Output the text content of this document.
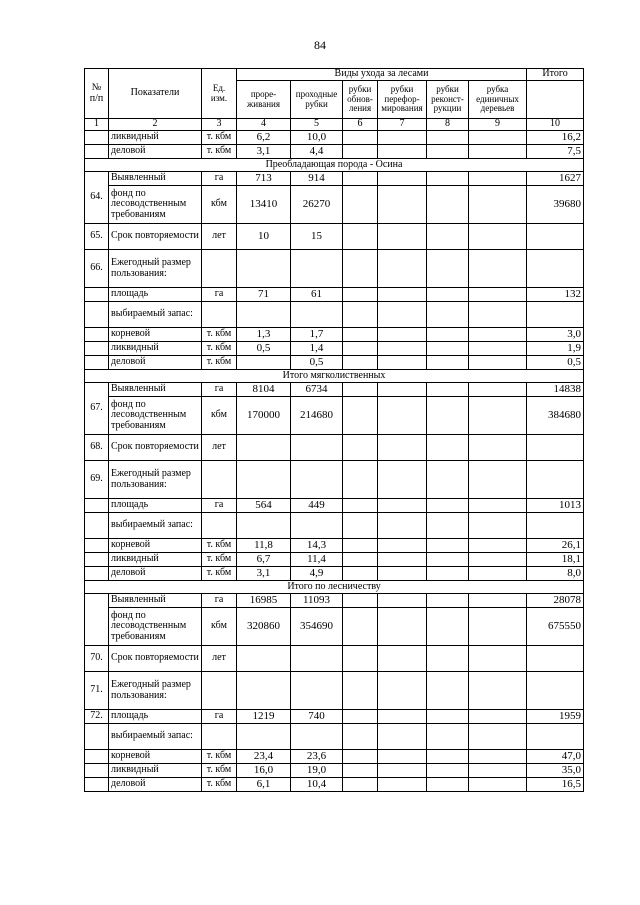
84
№ п/п	Показатели	Ед. изм.	Виды ухода за лесами						Итого
			проре-живания	проходные рубки	рубки обнов-ления	рубки перефор-мирования	рубки реконст-рукции	рубка единичных деревьев	
1	2	3	4	5	6	7	8	9	10
	ликвидный	т. кбм	6,2	10,0					16,2
	деловой	т. кбм	3,1	4,4					7,5
Преобладающая порода - Осина									
64.	Выявленный	га	713	914					1627
	фонд по лесоводственным требованиям	кбм	13410	26270					39680
65.	Срок повторяемости	лет	10	15					
66.	Ежегодный размер пользования:								
	площадь	га	71	61					132
	выбираемый запас:								
	корневой	т. кбм	1,3	1,7					3,0
	ликвидный	т. кбм	0,5	1,4					1,9
	деловой	т. кбм		0,5					0,5
Итого мягколиственных									
67.	Выявленный	га	8104	6734					14838
	фонд по лесоводственным требованиям	кбм	170000	214680					384680
68.	Срок повторяемости	лет							
69.	Ежегодный размер пользования:								
	площадь	га	564	449					1013
	выбираемый запас:								
	корневой	т. кбм	11,8	14,3					26,1
	ликвидный	т. кбм	6,7	11,4					18,1
	деловой	т. кбм	3,1	4,9					8,0
Итого по лесничеству									
	Выявленный	га	16985	11093					28078
	фонд по лесоводственным требованиям	кбм	320860	354690					675550
70.	Срок повторяемости	лет							
71.	Ежегодный размер пользования:								
72.	площадь	га	1219	740					1959
	выбираемый запас:								
	корневой	т. кбм	23,4	23,6					47,0
	ликвидный	т. кбм	16,0	19,0					35,0
	деловой	т. кбм	6,1	10,4					16,5
